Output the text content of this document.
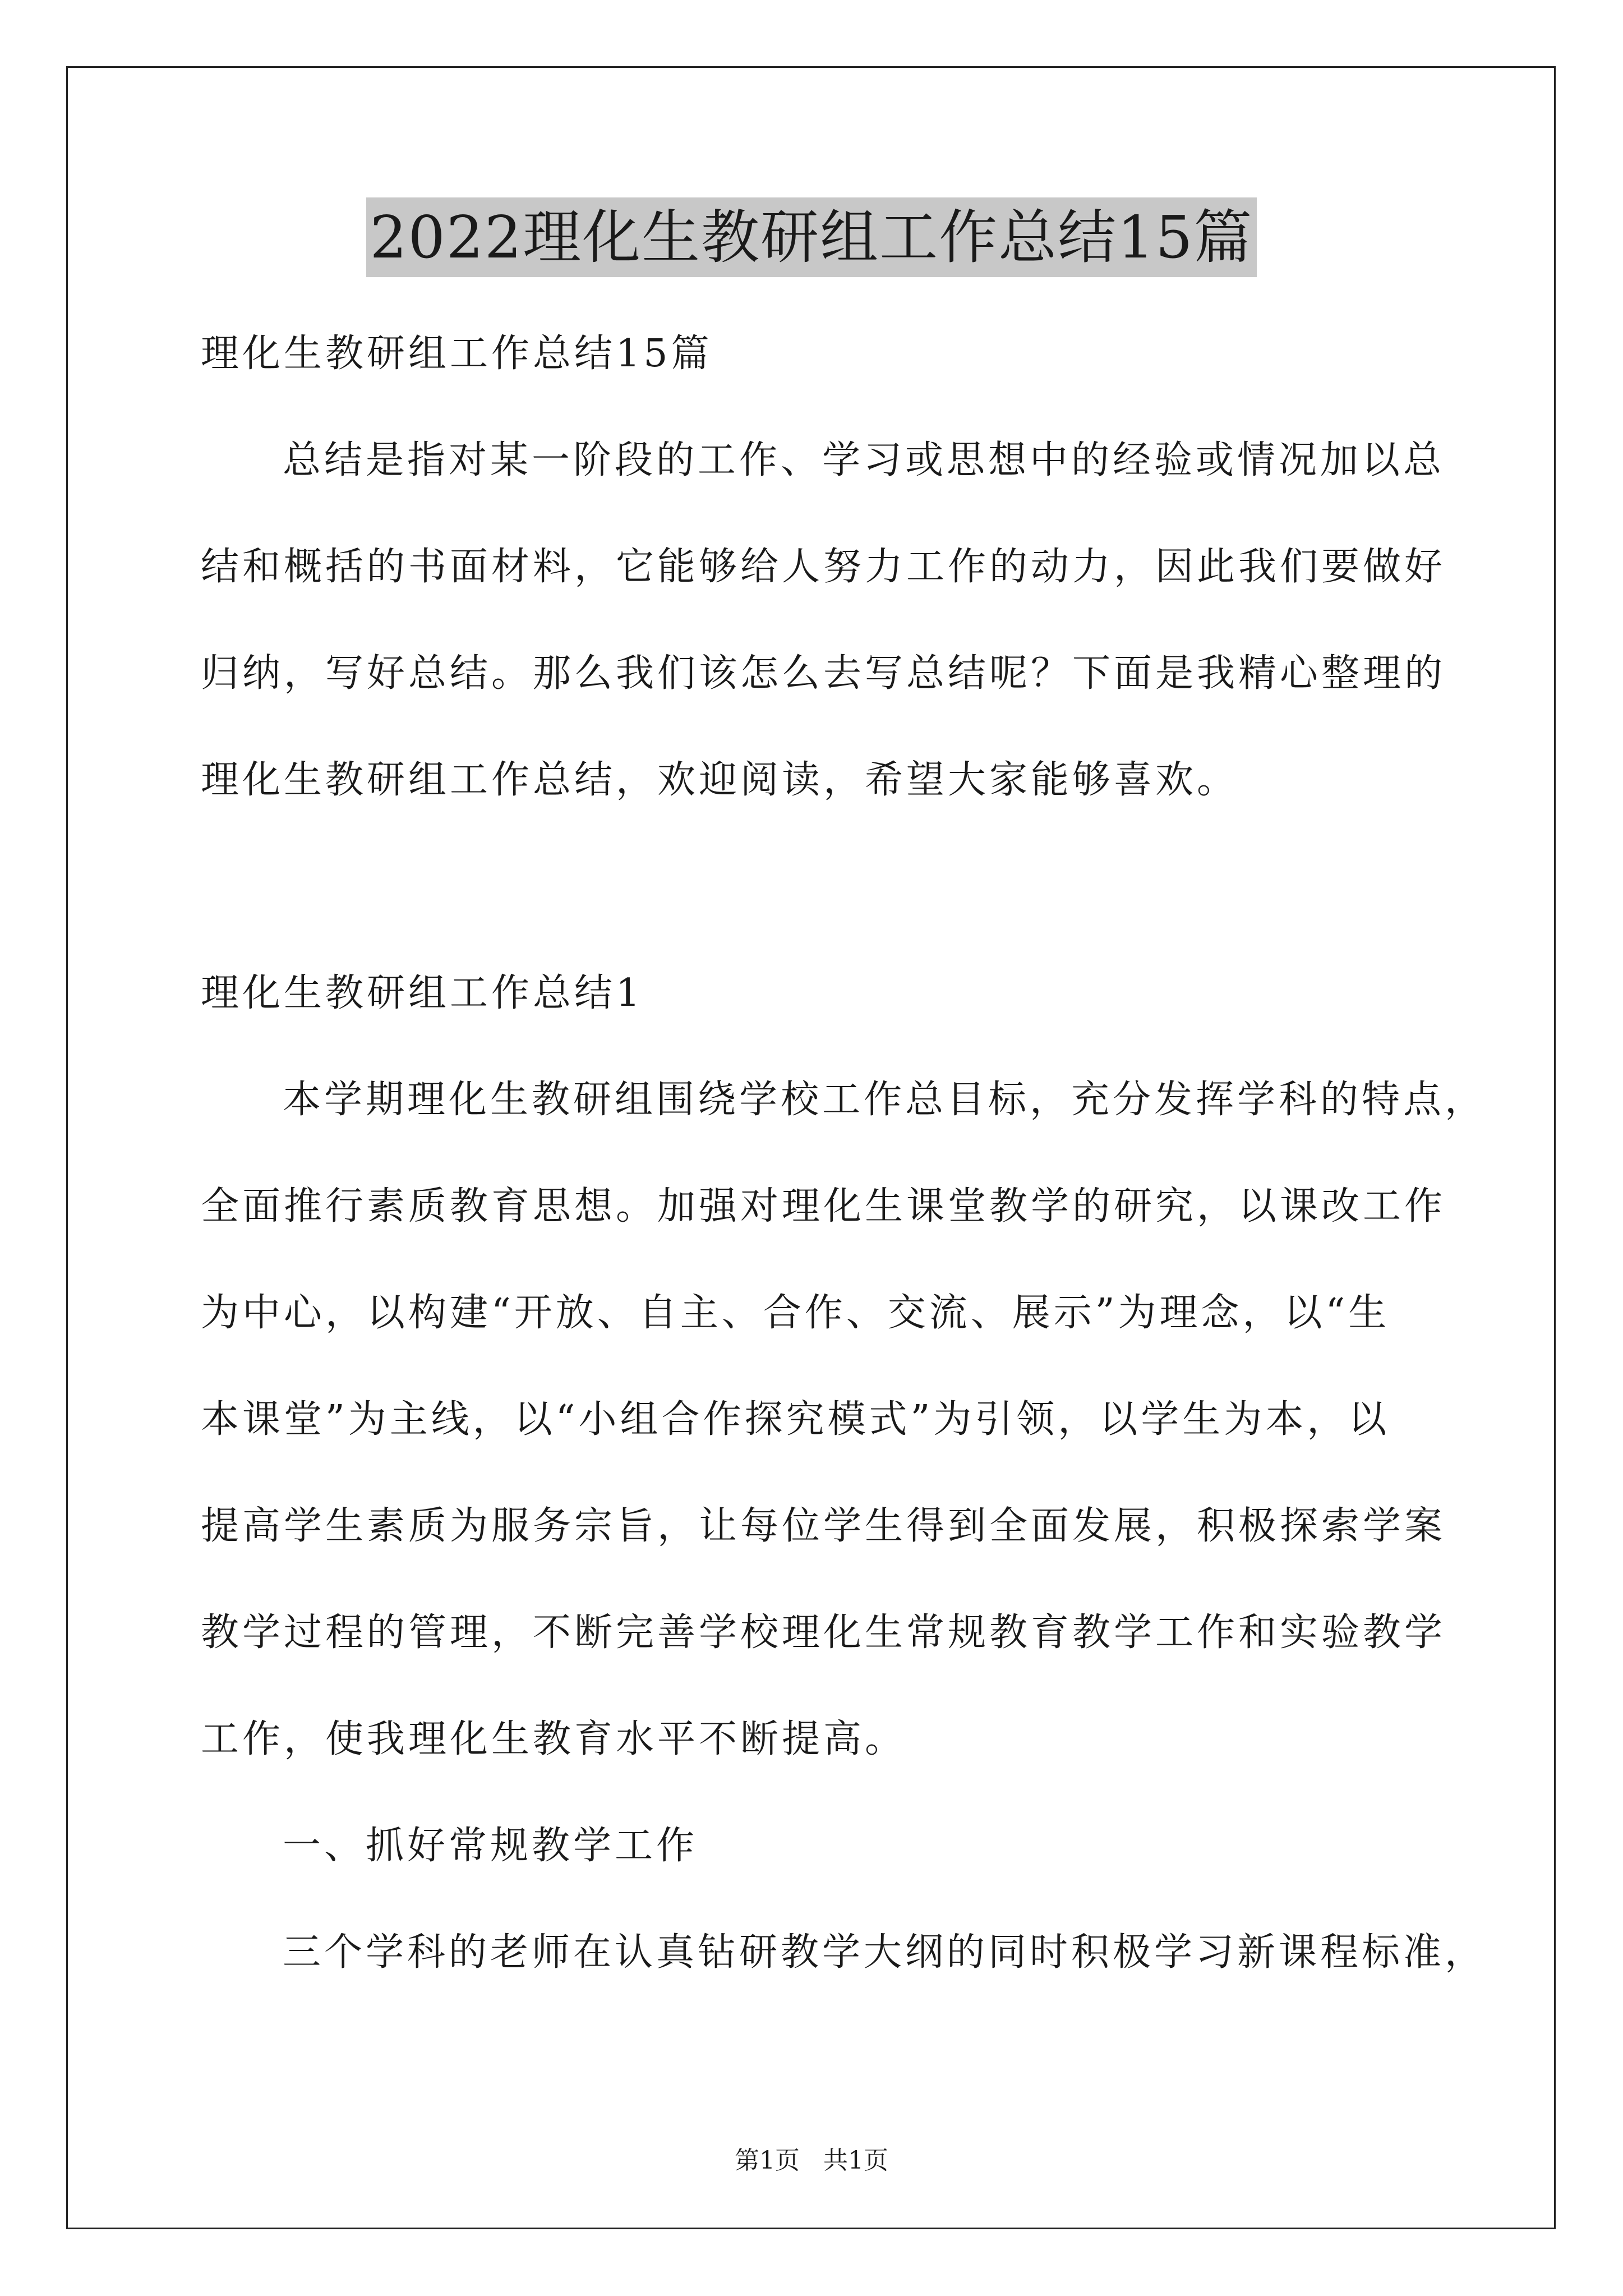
2022理化生教研组工作总结15篇
理化生教研组工作总结15篇
总结是指对某一阶段的工作、学习或思想中的经验或情况加以总
结和概括的书面材料，它能够给人努力工作的动力，因此我们要做好
归纳，写好总结。那么我们该怎么去写总结呢？下面是我精心整理的
理化生教研组工作总结，欢迎阅读，希望大家能够喜欢。
理化生教研组工作总结1
本学期理化生教研组围绕学校工作总目标，充分发挥学科的特点，
全面推行素质教育思想。加强对理化生课堂教学的研究，以课改工作
为中心，以构建“开放、自主、合作、交流、展示”为理念，以“生
本课堂”为主线，以“小组合作探究模式”为引领，以学生为本，以
提高学生素质为服务宗旨，让每位学生得到全面发展，积极探索学案
教学过程的管理，不断完善学校理化生常规教育教学工作和实验教学
工作，使我理化生教育水平不断提高。
一、抓好常规教学工作
三个学科的老师在认真钻研教学大纲的同时积极学习新课程标准，
第1页 共1页
